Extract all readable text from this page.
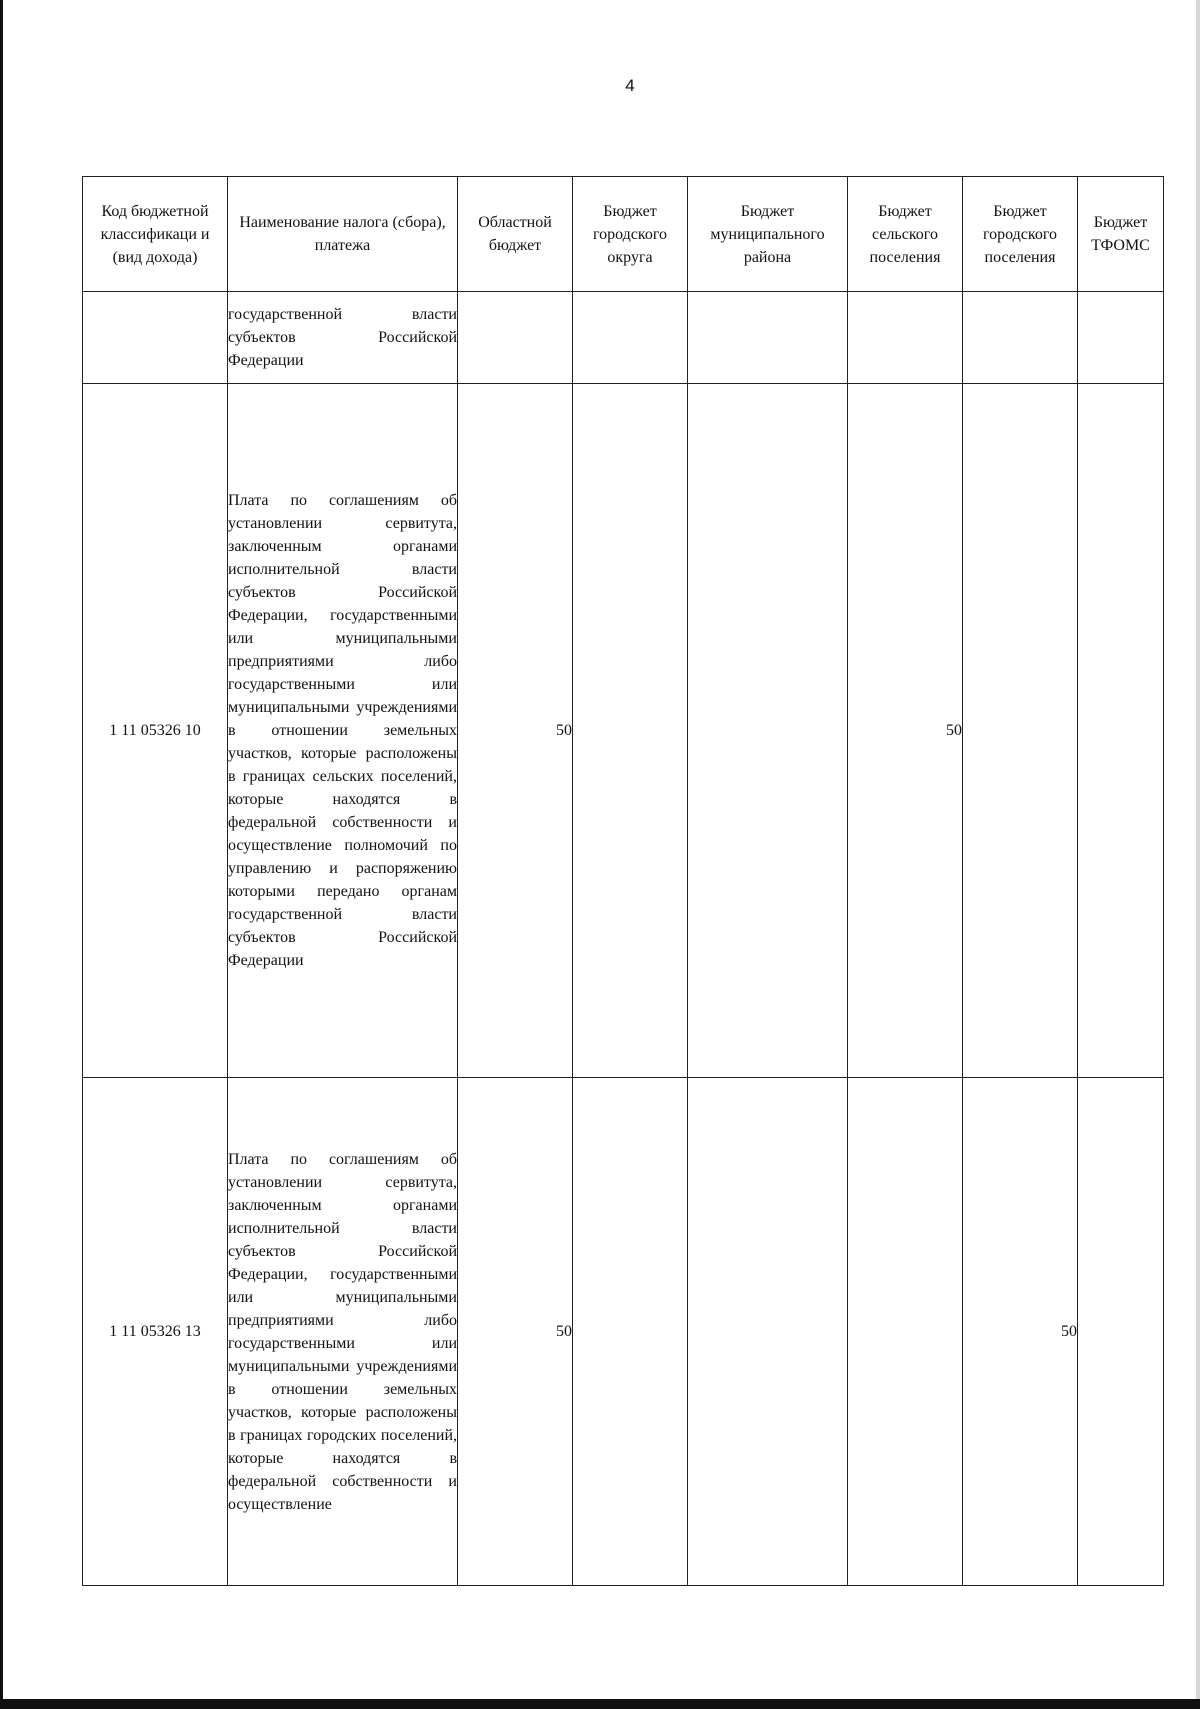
4
Код бюджетной классификаци и (вид дохода)	Наименование налога (сбора), платежа	Областной бюджет	Бюджет городского округа	Бюджет муниципального района	Бюджет сельского поселения	Бюджет городского поселения	Бюджет ТФОМС
	государственной власти субъектов Российской Федерации						
1 11 05326 10	Плата по соглашениям об установлении сервитута, заключенным органами исполнительной власти субъектов Российской Федерации, государственными или муниципальными предприятиями либо государственными или муниципальными учреждениями в отношении земельных участков, которые расположены в границах сельских поселений, которые находятся в федеральной собственности и осуществление полномочий по управлению и распоряжению которыми передано органам государственной власти субъектов Российской Федерации	50			50		
1 11 05326 13	Плата по соглашениям об установлении сервитута, заключенным органами исполнительной власти субъектов Российской Федерации, государственными или муниципальными предприятиями либо государственными или муниципальными учреждениями в отношении земельных участков, которые расположены в границах городских поселений, которые находятся в федеральной собственности и осуществление	50				50	
